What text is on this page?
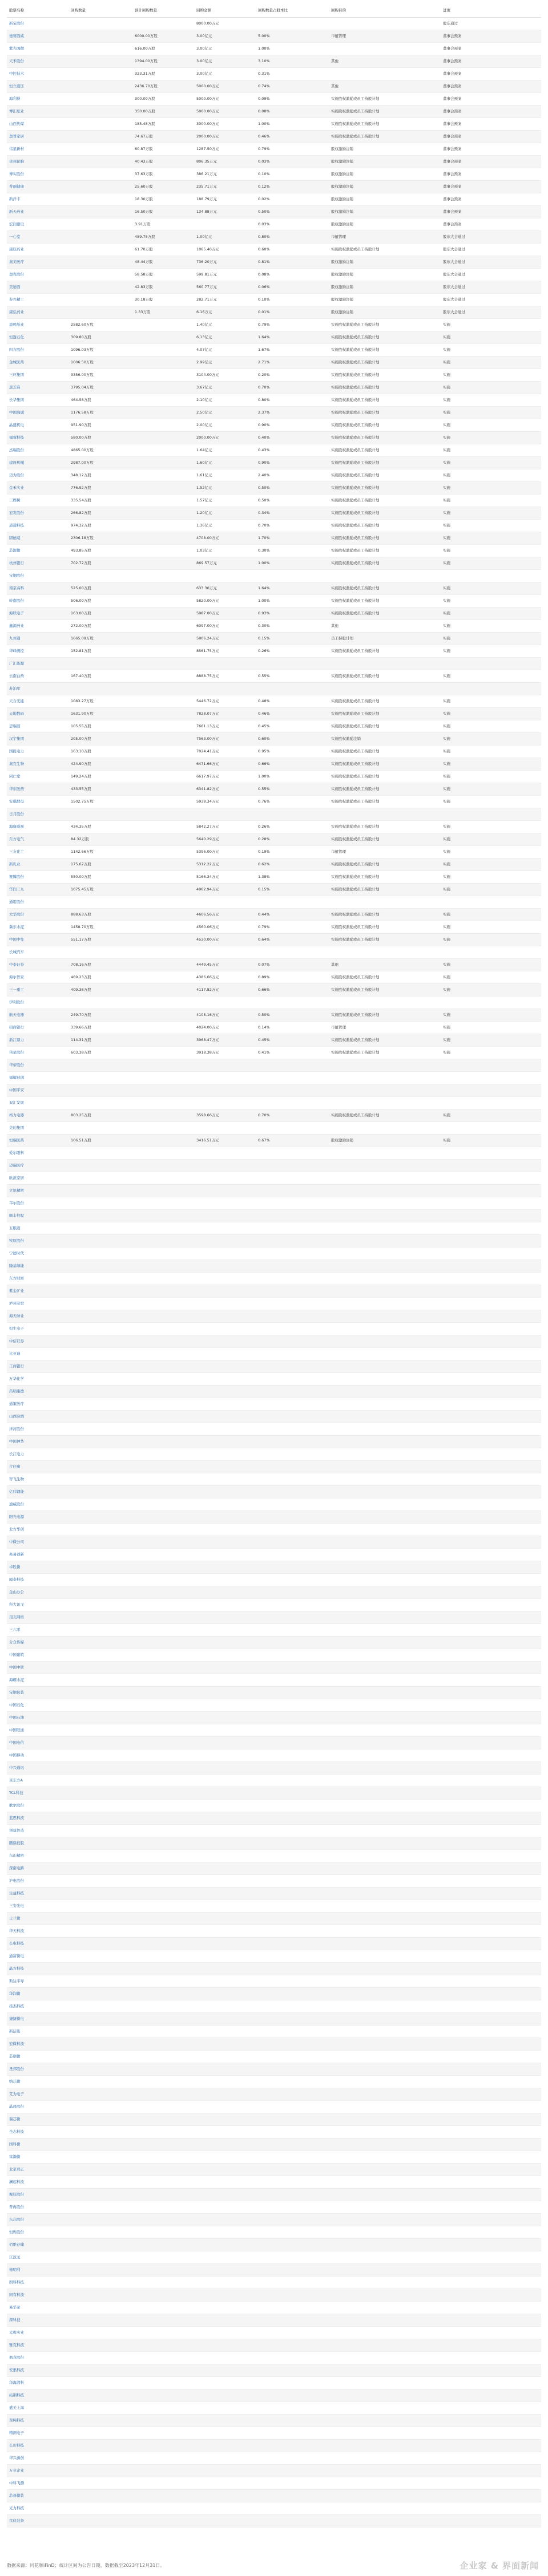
股票名称	回购数量	预计回购数量	回购金额	回购数量占股本比	回购目的	进度
新宝股份			8000.00万元			股东通过
德赛西威		6000.00万股	3.00亿元	5.00%	市值管理	董事会预案
紫光国微		616.00万股	3.00亿元	1.00%		董事会预案
天禾股份		1394.00万股	3.00亿元	3.10%	其他	董事会预案
中控技术		323.31万股	3.00亿元	0.31%		董事会预案
恒立液压		2436.70万股	5000.00万元	0.74%	其他	董事会预案
海利得		300.00万股	5000.00万元	0.09%	实施股权激励或员工持股计划	董事会预案
博汇纸业		350.00万股	5000.00万元	0.08%	实施股权激励或员工持股计划	董事会预案
山西焦煤		185.48万股	3000.00万元	1.00%	实施股权激励或员工持股计划	董事会预案
奥普家居		74.67万股	2000.00万元	0.46%	实施股权激励或员工持股计划	董事会预案
伟星新材		60.87万股	1287.50万元	0.79%	股权激励注销	董事会预案
贵州轮胎		40.43万股	806.35万元	0.03%	股权激励注销	董事会预案
博实股份		37.63万股	386.21万元	0.10%	股权激励注销	董事会预案
普丽健康		25.60万股	235.71万元	0.12%	股权激励注销	董事会预案
新洋丰		18.30万股	188.79万元	0.02%	股权激励注销	董事会预案
新天药业		16.50万股	134.88万元	0.50%	股权激励注销	董事会预案
宏润建设		3.91万股		0.03%	股权激励注销	董事会预案
一心堂		489.75万股	1.00亿元	0.80%	市值管理	股东大会通过
康辰药业		61.70万股	1065.40万元	0.60%	实施股权激励或员工持股计划	股东大会通过
奥美医疗		48.44万股	736.20万元	0.81%	股权激励注销	股东大会通过
奥克股份		58.58万股	599.81万元	0.08%	股权激励注销	股东大会通过
美迪西		42.83万股	560.77万元	0.06%	股权激励注销	股东大会通过
春兴精工		30.18万股	282.71万元	0.10%	股权激励注销	股东大会通过
康弘药业		1.33万股	6.16万元	0.01%	股权激励注销	股东大会通过
晨鸣纸业	2582.60万股		1.40亿元	0.79%	实施股权激励或员工持股计划	实施
恒逸石化	309.80万股		6.13亿元	1.64%	实施股权激励或员工持股计划	实施
四方股份	1096.03万股		4.07亿元	1.67%	实施股权激励或员工持股计划	实施
金城医药	1006.50万股		2.99亿元	2.71%	实施股权激励或员工持股计划	实施
三环集团	3356.00万股		3104.00万元	0.20%	实施股权激励或员工持股计划	实施
黑芝麻	3795.04万股		3.67亿元	0.70%	实施股权激励或员工持股计划	实施
长华集团	464.58万股		2.10亿元	0.80%	实施股权激励或员工持股计划	实施
中国海诚	1176.58万股		2.50亿元	2.37%	实施股权激励或员工持股计划	实施
晶盛机电	951.90万股		2.00亿元	0.90%	实施股权激励或员工持股计划	实施
福蓉科技	580.00万股		2000.00万元	0.40%	实施股权激励或员工持股计划	实施
杰瑞股份	4865.00万股		1.64亿元	0.43%	实施股权激励或员工持股计划	实施
建设机械	2987.00万股		1.60亿元	0.90%	实施股权激励或员工持股计划	实施
迈为股份	348.12万股		1.61亿元	2.40%	实施股权激励或员工持股计划	实施
金禾实业	776.92万股		1.52亿元	0.50%	实施股权激励或员工持股计划	实施
三棵树	335.54万股		1.57亿元	0.50%	实施股权激励或员工持股计划	实施
宏发股份	266.82万股		1.20亿元	0.34%	实施股权激励或员工持股计划	实施
道通科技	974.32万股		1.36亿元	0.70%	实施股权激励或员工持股计划	实施
固德威	2306.18万股		4708.00万元	1.70%	实施股权激励或员工持股计划	实施
芯源微	493.85万股		1.03亿元	0.30%	实施股权激励或员工持股计划	实施
杭州银行	702.72万股		869.57万元	1.00%	实施股权激励或员工持股计划	实施
宝钢股份						
南京高科	525.00万股		633.30万元	1.64%	实施股权激励或员工持股计划	实施
岭南股份	506.00万股		5820.00万元	1.00%	实施股权激励或员工持股计划	实施
海联电子	163.00万股		5987.00万元	0.93%	实施股权激励或员工持股计划	实施
鑫源药业	272.00万股		6097.00万元	0.30%	其他	实施
九州通	1665.09万股		5806.24万元	0.15%	员工持股计划	实施
华峰测控	152.81万股		8561.75万元	0.26%	实施股权激励或员工持股计划	实施
广汇能源						
云南白药	167.40万股		8888.75万元	0.55%	实施股权激励或员工持股计划	实施
苏泊尔						
天合光能	1083.27万股		5446.72万元	0.48%	实施股权激励或员工持股计划	实施
天地数码	1631.90万股		7828.07万元	0.46%	实施股权激励或员工持股计划	实施
思瑞浦	105.55万股		7661.13万元	0.45%	实施股权激励或员工持股计划	实施
汉宇集团	205.00万股		7563.00万元	0.60%	实施股权激励注销	实施
国投电力	163.10万股		7024.41万元	0.95%	实施股权激励或员工持股计划	实施
奥克生物	424.90万股		6471.66万元	0.66%	实施股权激励或员工持股计划	实施
同仁堂	149.24万股		6617.97万元	1.00%	实施股权激励或员工持股计划	实施
华东医药	433.55万股		6341.82万元	0.55%	实施股权激励或员工持股计划	实施
安琪酵母	1502.75万股		5938.34万元	0.76%	实施股权激励或员工持股计划	实施
日月股份						
海康威视	434.35万股		5842.27万元	0.26%	实施股权激励或员工持股计划	实施
东方电气	84.32万股		5640.29万元	0.28%	实施股权激励或员工持股计划	实施
三友化工	1142.66万股		5396.00万元	0.19%	市值管理	实施
新乳业	175.67万股		5312.22万元	0.62%	实施股权激励或员工持股计划	实施
赛腾股份	550.00万股		5166.34万元	1.38%	实施股权激励或员工持股计划	实施
华润三九	1075.45万股		4962.94万元	0.15%	实施股权激励或员工持股计划	实施
通用股份						
大华股份	888.63万股		4606.56万元	0.44%	实施股权激励或员工持股计划	实施
冀东水泥	1458.70万股		4560.06万元	0.79%	实施股权激励或员工持股计划	实施
中国中免	551.17万股		4530.00万元	0.64%	实施股权激励或员工持股计划	实施
长城汽车						
中泰证券	708.16万股		4449.45万元	0.07%	其他	实施
海尔智家	469.23万股		4386.66万元	0.89%	实施股权激励或员工持股计划	实施
三一重工	409.38万股		4117.82万元	0.66%	实施股权激励或员工持股计划	实施
伊利股份						
航天电器	249.70万股		4105.16万元	0.50%	实施股权激励或员工持股计划	实施
招商银行	339.66万股		4024.00万元	0.14%	市值管理	实施
浙江鼎力	114.31万股		3968.47万元	0.45%	实施股权激励或员工持股计划	实施
伟星股份	603.38万股		3918.38万元	0.41%	实施股权激励或员工持股计划	实施
华帝股份						
福耀玻璃						
中国平安						
双汇发展						
格力电器	803.25万股		3598.66万元	0.70%	实施股权激励或员工持股计划	实施
美的集团						
恒瑞医药	106.51万股		3416.51万元	0.67%	股权激励注销	实施
爱尔眼科						
迈瑞医疗						
欧派家居						
立讯精密						
韦尔股份						
顺丰控股						
五粮液						
牧原股份						
宁德时代						
隆基绿能						
东方财富						
紫金矿业						
泸州老窖						
海天味业						
恒生电子						
中信证券						
比亚迪						
工商银行						
万华化学						
药明康德						
通策医疗						
山西汾酒						
洋河股份						
中国神华						
长江电力						
片仔癀						
智飞生物						
亿纬锂能						
通威股份						
阳光电源						
北方华创						
中微公司						
兆易创新						
卓胜微						
闻泰科技						
金山办公						
科大讯飞						
用友网络						
三六零						
分众传媒						
中国建筑						
中国中铁						
海螺水泥						
宝钢包装						
中国石化						
中国石油						
中国联通						
中国电信						
中国移动						
中兴通讯						
京东方A						
TCL科技						
歌尔股份						
蓝思科技						
领益智造						
鹏鼎控股						
东山精密						
深南电路						
沪电股份						
生益科技						
三安光电						
士兰微						
华天科技						
长电科技						
通富微电						
晶方科技						
斯达半导						
华润微						
扬杰科技						
捷捷微电						
新洁能						
宏微科技						
芯朋微						
圣邦股份						
纳芯微						
艾为电子						
晶晨股份						
瑞芯微						
全志科技						
国科微						
富瀚微						
北京君正						
澜起科技						
聚辰股份						
普冉股份						
东芯股份						
恒烁股份						
佰维存储						
江波龙						
德明利						
朗科科技						
同有科技						
易华录						
深科技						
太极实业						
雅克科技						
鼎龙股份						
安集科技						
华海清科						
拓荆科技						
盛美上海						
至纯科技						
精测电子						
长川科技						
华兴源创						
万业企业						
中科飞测						
芯碁微装						
光力科技						
京仪装备						
数据来源：同花顺iFinD；统计区间为公告日期，数据截至2023年12月31日。	企业家 & 界面新闻
